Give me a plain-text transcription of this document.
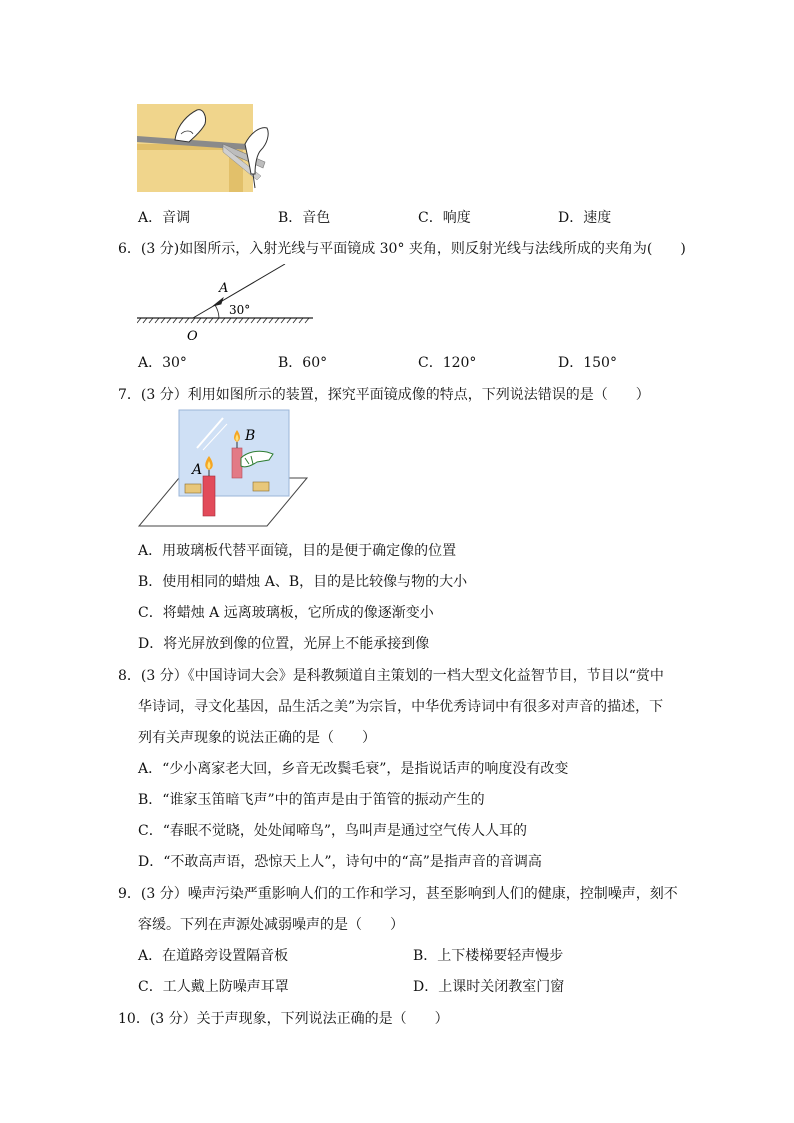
A．音调	B．音色	C．响度	D．速度
6．(3 分)如图所示，入射光线与平面镜成 30° 夹角，则反射光线与法线所成的夹角为(　　)
A
30°
O
A．30°	B．60°	C．120°	D．150°
7．(3 分）利用如图所示的装置，探究平面镜成像的特点，下列说法错误的是（　　）
B
A
A．用玻璃板代替平面镜，目的是便于确定像的位置
B．使用相同的蜡烛 A、B，目的是比较像与物的大小
C．将蜡烛 A 远离玻璃板，它所成的像逐渐变小
D．将光屏放到像的位置，光屏上不能承接到像
8．(3 分）《中国诗词大会》是科教频道自主策划的一档大型文化益智节目，节目以“赏中
华诗词，寻文化基因，品生活之美”为宗旨，中华优秀诗词中有很多对声音的描述，下
列有关声现象的说法正确的是（　　）
A．“少小离家老大回，乡音无改鬓毛衰”，是指说话声的响度没有改变
B．“谁家玉笛暗飞声”中的笛声是由于笛管的振动产生的
C．“春眠不觉晓，处处闻啼鸟”，鸟叫声是通过空气传人人耳的
D．“不敢高声语，恐惊天上人”，诗句中的“高”是指声音的音调高
9．(3 分）噪声污染严重影响人们的工作和学习，甚至影响到人们的健康，控制噪声，刻不
容缓。下列在声源处减弱噪声的是（　　）
A．在道路旁设置隔音板	B．上下楼梯要轻声慢步
C．工人戴上防噪声耳罩	D．上课时关闭教室门窗
10．(3 分）关于声现象，下列说法正确的是（　　）
